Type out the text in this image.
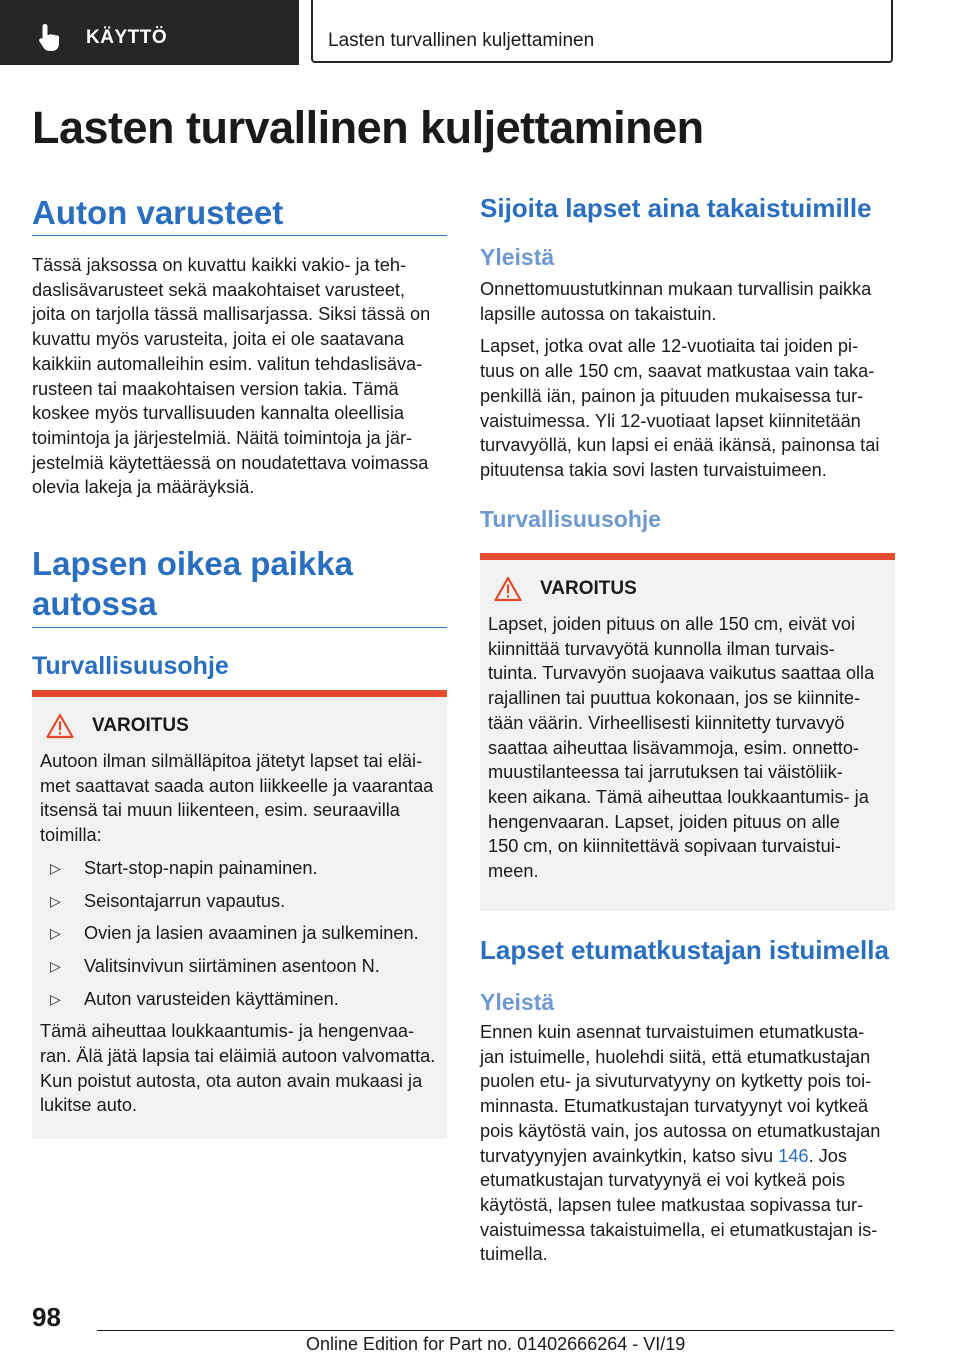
KÄYTTÖ	Lasten turvallinen kuljettaminen
Lasten turvallinen kuljettaminen
Auton varusteet

Tässä jaksossa on kuvattu kaikki vakio- ja teh‐
daslisävarusteet sekä maakohtaiset varusteet,
joita on tarjolla tässä mallisarjassa. Siksi tässä on
kuvattu myös varusteita, joita ei ole saatavana
kaikkiin automalleihin esim. valitun tehdaslisäva‐
rusteen tai maakohtaisen version takia. Tämä
koskee myös turvallisuuden kannalta oleellisia
toimintoja ja järjestelmiä. Näitä toimintoja ja jär‐
jestelmiä käytettäessä on noudatettava voimassa
olevia lakeja ja määräyksiä.

Lapsen oikea paikka
autossa
Turvallisuusohje
VAROITUS

Autoon ilman silmälläpitoa jätetyt lapset tai eläi‐
met saattavat saada auton liikkeelle ja vaarantaa
itsensä tai muun liikenteen, esim. seuraavilla
toimilla:

▷	Start-stop-napin painaminen.
▷	Seisontajarrun vapautus.
▷	Ovien ja lasien avaaminen ja sulkeminen.
▷	Valitsinvivun siirtäminen asentoon N.
▷	Auton varusteiden käyttäminen.

Tämä aiheuttaa loukkaantumis- ja hengenvaa‐
ran. Älä jätä lapsia tai eläimiä autoon valvomatta.
Kun poistut autosta, ota auton avain mukaasi ja
lukitse auto.

Sijoita lapset aina takaistuimille
Yleistä

Onnettomuustutkinnan mukaan turvallisin paikka
lapsille autossa on takaistuin.

Lapset, jotka ovat alle 12-vuotiaita tai joiden pi‐
tuus on alle 150 cm, saavat matkustaa vain taka‐
penkillä iän, painon ja pituuden mukaisessa tur‐
vaistuimessa. Yli 12-vuotiaat lapset kiinnitetään
turvavyöllä, kun lapsi ei enää ikänsä, painonsa tai
pituutensa takia sovi lasten turvaistuimeen.

Turvallisuusohje
VAROITUS

Lapset, joiden pituus on alle 150 cm, eivät voi
kiinnittää turvavyötä kunnolla ilman turvais‐
tuinta. Turvavyön suojaava vaikutus saattaa olla
rajallinen tai puuttua kokonaan, jos se kiinnite‐
tään väärin. Virheellisesti kiinnitetty turvavyö
saattaa aiheuttaa lisävammoja, esim. onnetto‐
muustilanteessa tai jarrutuksen tai väistöliik‐
keen aikana. Tämä aiheuttaa loukkaantumis- ja
hengenvaaran. Lapset, joiden pituus on alle
150 cm, on kiinnitettävä sopivaan turvaistui‐
meen.

Lapset etumatkustajan istuimella
Yleistä

Ennen kuin asennat turvaistuimen etumatkusta‐
jan istuimelle, huolehdi siitä, että etumatkustajan
puolen etu- ja sivuturvatyyny on kytketty pois toi‐
minnasta. Etumatkustajan turvatyynyt voi kytkeä
pois käytöstä vain, jos autossa on etumatkustajan
turvatyynyjen avainkytkin, katso sivu 146. Jos
etumatkustajan turvatyynyä ei voi kytkeä pois
käytöstä, lapsen tulee matkustaa sopivassa tur‐
vaistuimessa takaistuimella, ei etumatkustajan is‐
tuimella.

98
Online Edition for Part no. 01402666264 - VI/19
